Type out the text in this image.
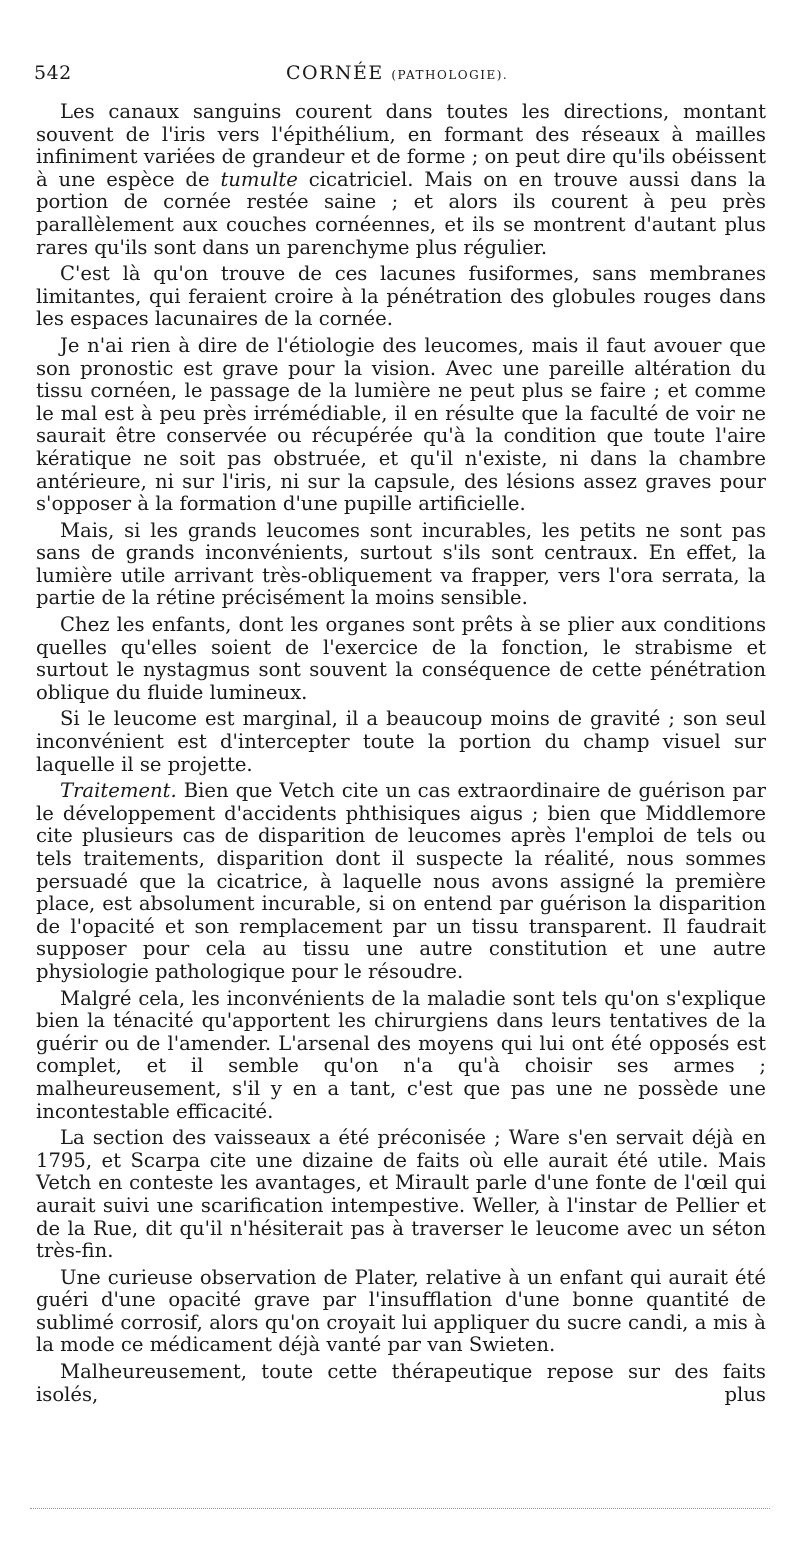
542	CORNÉE (PATHOLOGIE).

Les canaux sanguins courent dans toutes les directions, montant souvent de l'iris vers l'épithélium, en formant des réseaux à mailles infiniment variées de grandeur et de forme ; on peut dire qu'ils obéissent à une espèce de tumulte cicatriciel. Mais on en trouve aussi dans la portion de cornée restée saine ; et alors ils courent à peu près parallèlement aux couches cornéennes, et ils se montrent d'autant plus rares qu'ils sont dans un parenchyme plus régulier.

C'est là qu'on trouve de ces lacunes fusiformes, sans membranes limitantes, qui feraient croire à la pénétration des globules rouges dans les espaces lacunaires de la cornée.

Je n'ai rien à dire de l'étiologie des leucomes, mais il faut avouer que son pronostic est grave pour la vision. Avec une pareille altération du tissu cornéen, le passage de la lumière ne peut plus se faire ; et comme le mal est à peu près irrémédiable, il en résulte que la faculté de voir ne saurait être conservée ou récupérée qu'à la condition que toute l'aire kératique ne soit pas obstruée, et qu'il n'existe, ni dans la chambre antérieure, ni sur l'iris, ni sur la capsule, des lésions assez graves pour s'opposer à la formation d'une pupille artificielle.

Mais, si les grands leucomes sont incurables, les petits ne sont pas sans de grands inconvénients, surtout s'ils sont centraux. En effet, la lumière utile arrivant très-obliquement va frapper, vers l'ora serrata, la partie de la rétine précisément la moins sensible.

Chez les enfants, dont les organes sont prêts à se plier aux conditions quelles qu'elles soient de l'exercice de la fonction, le strabisme et surtout le nystagmus sont souvent la conséquence de cette pénétration oblique du fluide lumineux.

Si le leucome est marginal, il a beaucoup moins de gravité ; son seul inconvénient est d'intercepter toute la portion du champ visuel sur laquelle il se projette.

Traitement. Bien que Vetch cite un cas extraordinaire de guérison par le développement d'accidents phthisiques aigus ; bien que Middlemore cite plusieurs cas de disparition de leucomes après l'emploi de tels ou tels traitements, disparition dont il suspecte la réalité, nous sommes persuadé que la cicatrice, à laquelle nous avons assigné la première place, est absolument incurable, si on entend par guérison la disparition de l'opacité et son remplacement par un tissu transparent. Il faudrait supposer pour cela au tissu une autre constitution et une autre physiologie pathologique pour le résoudre.

Malgré cela, les inconvénients de la maladie sont tels qu'on s'explique bien la ténacité qu'apportent les chirurgiens dans leurs tentatives de la guérir ou de l'amender. L'arsenal des moyens qui lui ont été opposés est complet, et il semble qu'on n'a qu'à choisir ses armes ; malheureusement, s'il y en a tant, c'est que pas une ne possède une incontestable efficacité.

La section des vaisseaux a été préconisée ; Ware s'en servait déjà en 1795, et Scarpa cite une dizaine de faits où elle aurait été utile. Mais Vetch en conteste les avantages, et Mirault parle d'une fonte de l'œil qui aurait suivi une scarification intempestive. Weller, à l'instar de Pellier et de la Rue, dit qu'il n'hésiterait pas à traverser le leucome avec un séton très-fin.

Une curieuse observation de Plater, relative à un enfant qui aurait été guéri d'une opacité grave par l'insufflation d'une bonne quantité de sublimé corrosif, alors qu'on croyait lui appliquer du sucre candi, a mis à la mode ce médicament déjà vanté par van Swieten.

Malheureusement, toute cette thérapeutique repose sur des faits isolés, plus
